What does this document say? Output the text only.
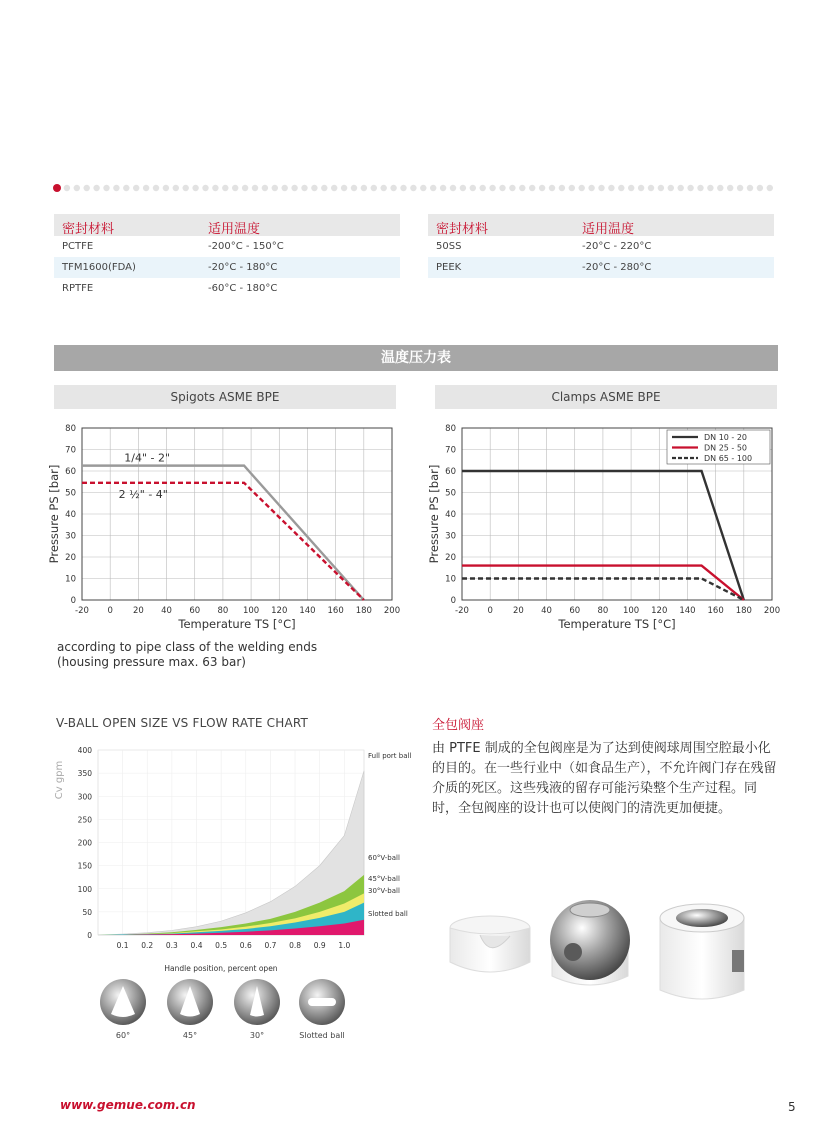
密封材料	适用温度
PCTFE	-200°C - 150°C
TFM1600(FDA)	-20°C - 180°C
RPTFE	-60°C - 180°C
密封材料	适用温度
50SS	-20°C - 220°C
PEEK	-20°C - 280°C
温度压力表
Spigots ASME BPE	Clamps ASME BPE
-20 0 20 40 60 80 100 120 140 160 180 200
0
10
20
30
40
50
60
70
80
Temperature TS [°C]
Pressure PS [bar]
1/4" - 2"
2 ½" - 4"
-20 0 20 40 60 80 100 120 140 160 180 200
0
10
20
30
40
50
60
70
80
Temperature TS [°C]
Pressure PS [bar]
DN 10 - 20
DN 25 - 50
DN 65 - 100
according to pipe class of the welding ends
(housing pressure max. 63 bar)
V-BALL OPEN SIZE VS FLOW RATE CHART
0
50
100
150
200
250
300
350
400
0.1 0.2 0.3 0.4 0.5 0.6 0.7 0.8 0.9 1.0
Full port ball
60°V-ball
45°V-ball
30°V-ball
Slotted ball
Cv gpm
Handle position, percent open
60°	45°	30°	Slotted ball
全包阀座
由 PTFE 制成的全包阀座是为了达到使阀球周围空腔最小化的目的。在一些行业中（如食品生产），不允许阀门存在残留介质的死区。这些残液的留存可能污染整个生产过程。同时，全包阀座的设计也可以使阀门的清洗更加便捷。
www.gemue.com.cn	5
